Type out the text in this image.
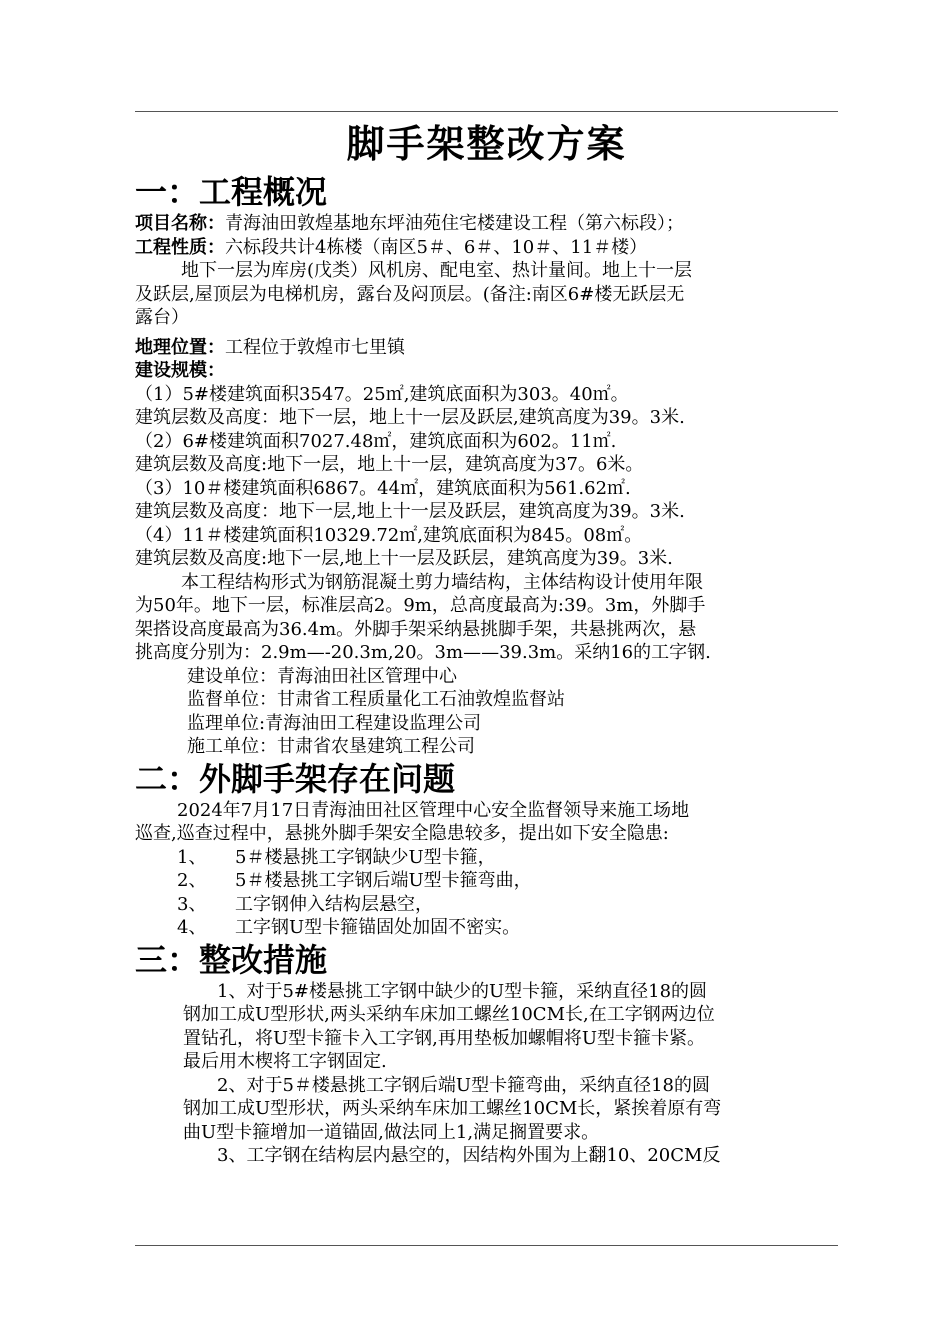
脚手架整改方案
一：工程概况
项目名称：青海油田敦煌基地东坪油苑住宅楼建设工程（第六标段）；
工程性质：六标段共计4栋楼（南区5＃、6＃、10＃、11＃楼）
地下一层为库房(戊类）风机房、配电室、热计量间。地上十一层
及跃层,屋顶层为电梯机房，露台及闷顶层。(备注:南区6#楼无跃层无
露台）
地理位置：工程位于敦煌市七里镇
建设规模：
（1）5#楼建筑面积3547。25㎡,建筑底面积为303。40㎡。
建筑层数及高度：地下一层，地上十一层及跃层,建筑高度为39。3米.
（2）6#楼建筑面积7027.48㎡，建筑底面积为602。11㎡.
建筑层数及高度:地下一层，地上十一层，建筑高度为37。6米。
（3）10＃楼建筑面积6867。44㎡，建筑底面积为561.62㎡.
建筑层数及高度：地下一层,地上十一层及跃层，建筑高度为39。3米.
（4）11＃楼建筑面积10329.72㎡,建筑底面积为845。08㎡。
建筑层数及高度:地下一层,地上十一层及跃层，建筑高度为39。3米.
本工程结构形式为钢筋混凝土剪力墙结构，主体结构设计使用年限
为50年。地下一层，标准层高2。9m，总高度最高为:39。3m，外脚手
架搭设高度最高为36.4m。外脚手架采纳悬挑脚手架，共悬挑两次，悬
挑高度分别为：2.9m—-20.3m,20。3m——39.3m。采纳16的工字钢.
建设单位：青海油田社区管理中心
监督单位：甘肃省工程质量化工石油敦煌监督站
监理单位:青海油田工程建设监理公司
施工单位：甘肃省农垦建筑工程公司
二：外脚手架存在问题
2024年7月17日青海油田社区管理中心安全监督领导来施工场地
巡查,巡查过程中，悬挑外脚手架安全隐患较多，提出如下安全隐患:
1、 5＃楼悬挑工字钢缺少U型卡箍，
2、 5＃楼悬挑工字钢后端U型卡箍弯曲，
3、 工字钢伸入结构层悬空，
4、 工字钢U型卡箍锚固处加固不密实。
三：整改措施
1、对于5#楼悬挑工字钢中缺少的U型卡箍，采纳直径18的圆
钢加工成U型形状,两头采纳车床加工螺丝10CM长,在工字钢两边位
置钻孔，将U型卡箍卡入工字钢,再用垫板加螺帽将U型卡箍卡紧。
最后用木楔将工字钢固定.
2、对于5＃楼悬挑工字钢后端U型卡箍弯曲，采纳直径18的圆
钢加工成U型形状，两头采纳车床加工螺丝10CM长，紧挨着原有弯
曲U型卡箍增加一道锚固,做法同上1,满足搁置要求。
3、工字钢在结构层内悬空的，因结构外围为上翻10、20CM反
